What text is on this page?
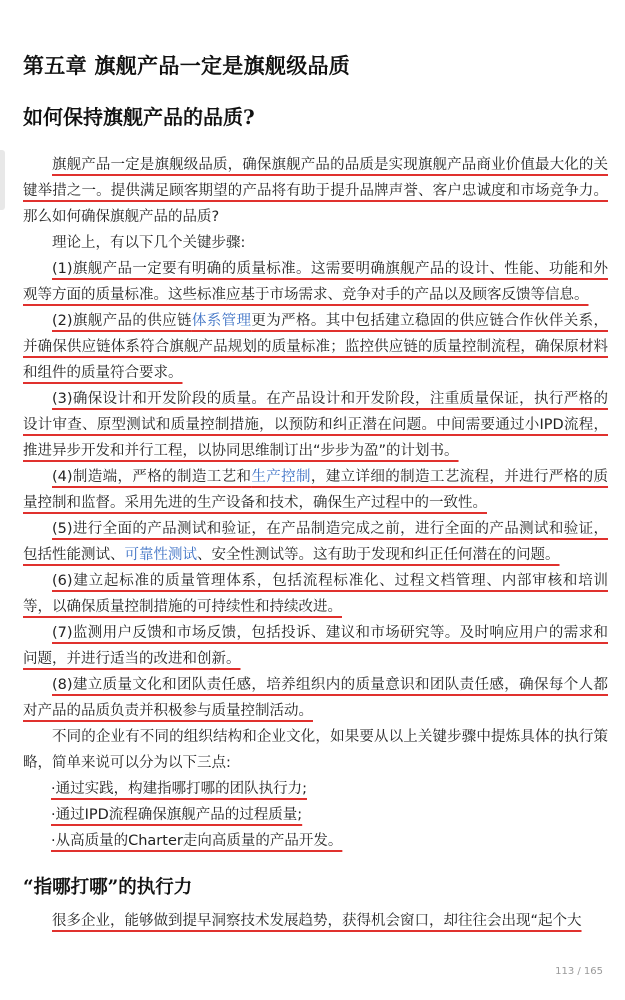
第五章 旗舰产品一定是旗舰级品质
如何保持旗舰产品的品质?

旗舰产品一定是旗舰级品质，确保旗舰产品的品质是实现旗舰产品商业价值最大化的关键举措之一。提供满足顾客期望的产品将有助于提升品牌声誉、客户忠诚度和市场竞争力。那么如何确保旗舰产品的品质?

理论上，有以下几个关键步骤:

(1)旗舰产品一定要有明确的质量标准。这需要明确旗舰产品的设计、性能、功能和外观等方面的质量标准。这些标准应基于市场需求、竞争对手的产品以及顾客反馈等信息。

(2)旗舰产品的供应链体系管理更为严格。其中包括建立稳固的供应链合作伙伴关系，并确保供应链体系符合旗舰产品规划的质量标准；监控供应链的质量控制流程，确保原材料和组件的质量符合要求。

(3)确保设计和开发阶段的质量。在产品设计和开发阶段，注重质量保证，执行严格的设计审查、原型测试和质量控制措施，以预防和纠正潜在问题。中间需要通过小IPD流程，推进异步开发和并行工程，以协同思维制订出“步步为盈”的计划书。

(4)制造端，严格的制造工艺和生产控制，建立详细的制造工艺流程，并进行严格的质量控制和监督。采用先进的生产设备和技术，确保生产过程中的一致性。

(5)进行全面的产品测试和验证，在产品制造完成之前，进行全面的产品测试和验证，包括性能测试、可靠性测试、安全性测试等。这有助于发现和纠正任何潜在的问题。

(6)建立起标准的质量管理体系，包括流程标准化、过程文档管理、内部审核和培训等，以确保质量控制措施的可持续性和持续改进。

(7)监测用户反馈和市场反馈，包括投诉、建议和市场研究等。及时响应用户的需求和问题，并进行适当的改进和创新。

(8)建立质量文化和团队责任感，培养组织内的质量意识和团队责任感，确保每个人都对产品的品质负责并积极参与质量控制活动。

不同的企业有不同的组织结构和企业文化，如果要从以上关键步骤中提炼具体的执行策略，简单来说可以分为以下三点:

·通过实践，构建指哪打哪的团队执行力;

·通过IPD流程确保旗舰产品的过程质量;

·从高质量的Charter走向高质量的产品开发。

“指哪打哪”的执行力

很多企业，能够做到提早洞察技术发展趋势，获得机会窗口，却往往会出现“起个大

113 / 165
